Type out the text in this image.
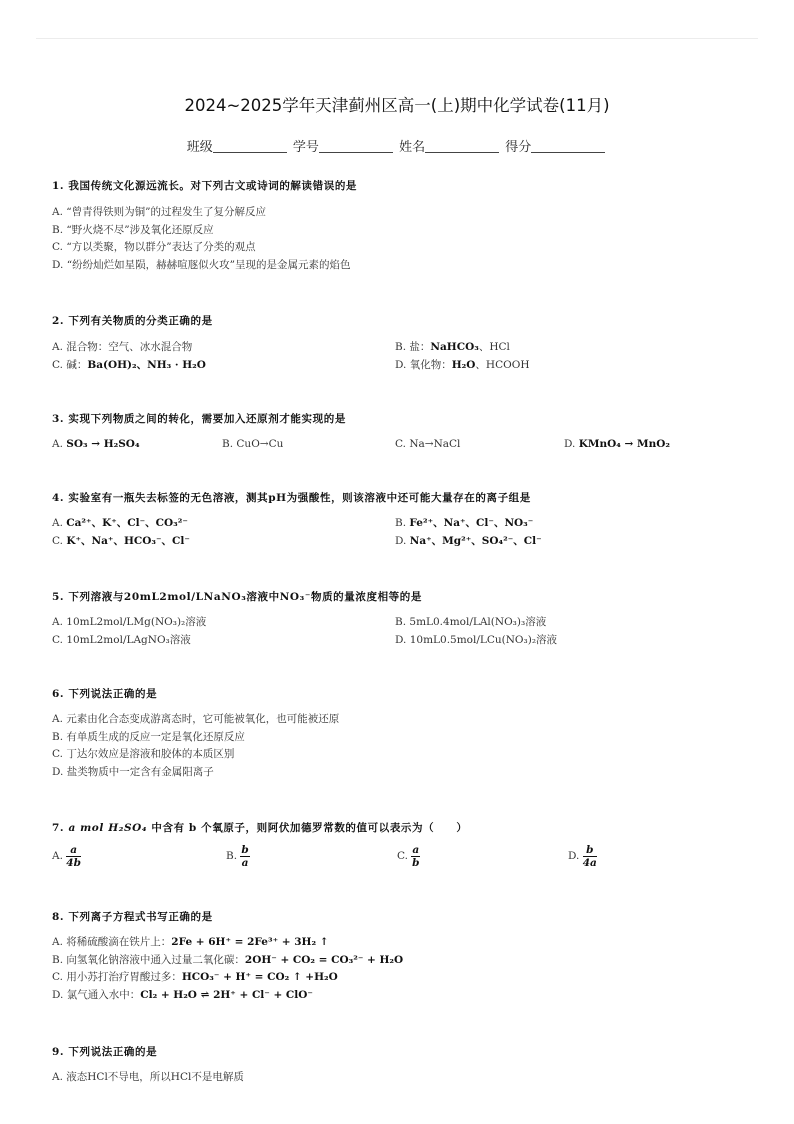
2024~2025学年天津蓟州区高一(上)期中化学试卷(11月)
班级	学号	姓名	得分
1. 我国传统文化源远流长。对下列古文或诗词的解读错误的是
A. “曾青得铁则为铜”的过程发生了复分解反应
B. “野火烧不尽”涉及氧化还原反应
C. “方以类聚，物以群分”表达了分类的观点
D. “纷纷灿烂如星陨，赫赫喧豗似火攻”呈现的是金属元素的焰色
2. 下列有关物质的分类正确的是
A. 混合物：空气、冰水混合物	B. 盐：NaHCO₃、HCl
C. 碱：Ba(OH)₂、NH₃ · H₂O	D. 氧化物：H₂O、HCOOH
3. 实现下列物质之间的转化，需要加入还原剂才能实现的是
A. SO₃ → H₂SO₄	B. CuO→Cu	C. Na→NaCl	D. KMnO₄ → MnO₂
4. 实验室有一瓶失去标签的无色溶液，测其pH为强酸性，则该溶液中还可能大量存在的离子组是
A. Ca²⁺、K⁺、Cl⁻、CO₃²⁻	B. Fe²⁺、Na⁺、Cl⁻、NO₃⁻
C. K⁺、Na⁺、HCO₃⁻、Cl⁻	D. Na⁺、Mg²⁺、SO₄²⁻、Cl⁻
5. 下列溶液与20mL2mol/LNaNO₃溶液中NO₃⁻物质的量浓度相等的是
A. 10mL2mol/LMg(NO₃)₂溶液	B. 5mL0.4mol/LAl(NO₃)₃溶液
C. 10mL2mol/LAgNO₃溶液	D. 10mL0.5mol/LCu(NO₃)₂溶液
6. 下列说法正确的是
A. 元素由化合态变成游离态时，它可能被氧化，也可能被还原
B. 有单质生成的反应一定是氧化还原反应
C. 丁达尔效应是溶液和胶体的本质区别
D. 盐类物质中一定含有金属阳离子
7. a mol H₂SO₄ 中含有 b 个氧原子，则阿伏加德罗常数的值可以表示为（　　）
A. $\frac{a}{4b}$	B. $\frac{b}{a}$	C. $\frac{a}{b}$	D. $\frac{b}{4a}$
8. 下列离子方程式书写正确的是
A. 将稀硫酸滴在铁片上：2Fe + 6H⁺ = 2Fe³⁺ + 3H₂ ↑
B. 向氢氧化钠溶液中通入过量二氧化碳：2OH⁻ + CO₂ = CO₃²⁻ + H₂O
C. 用小苏打治疗胃酸过多：HCO₃⁻ + H⁺ = CO₂ ↑ +H₂O
D. 氯气通入水中：Cl₂ + H₂O ⇌ 2H⁺ + Cl⁻ + ClO⁻
9. 下列说法正确的是
A. 液态HCl不导电，所以HCl不是电解质
